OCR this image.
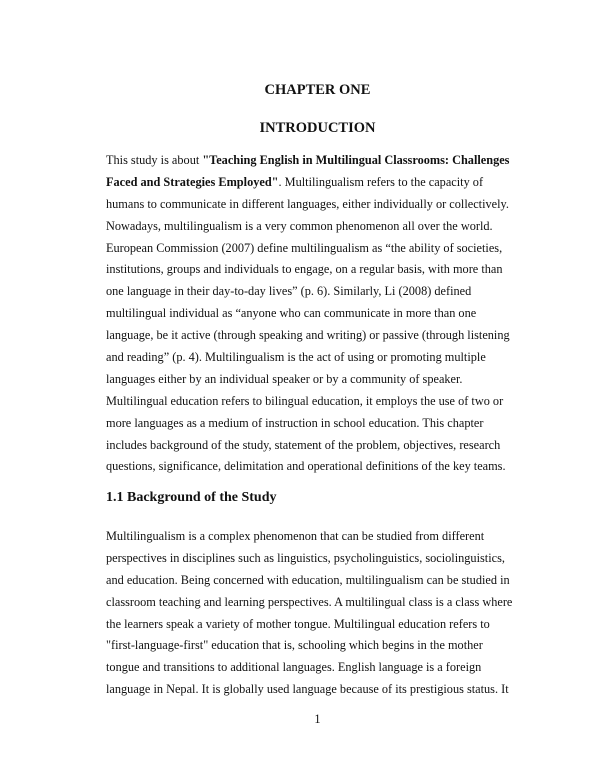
CHAPTER ONE
INTRODUCTION
This study is about "Teaching English in Multilingual Classrooms: Challenges
Faced and Strategies Employed". Multilingualism refers to the capacity of
humans to communicate in different languages, either individually or collectively.
Nowadays, multilingualism is a very common phenomenon all over the world.
European Commission (2007) define multilingualism as “the ability of societies,
institutions, groups and individuals to engage, on a regular basis, with more than
one language in their day-to-day lives” (p. 6). Similarly, Li (2008) defined
multilingual individual as “anyone who can communicate in more than one
language, be it active (through speaking and writing) or passive (through listening
and reading” (p. 4). Multilingualism is the act of using or promoting multiple
languages either by an individual speaker or by a community of speaker.
Multilingual education refers to bilingual education, it employs the use of two or
more languages as a medium of instruction in school education. This chapter
includes background of the study, statement of the problem, objectives, research
questions, significance, delimitation and operational definitions of the key teams.
1.1 Background of the Study
Multilingualism is a complex phenomenon that can be studied from different
perspectives in disciplines such as linguistics, psycholinguistics, sociolinguistics,
and education. Being concerned with education, multilingualism can be studied in
classroom teaching and learning perspectives. A multilingual class is a class where
the learners speak a variety of mother tongue. Multilingual education refers to
"first-language-first" education that is, schooling which begins in the mother
tongue and transitions to additional languages. English language is a foreign
language in Nepal. It is globally used language because of its prestigious status. It
1
